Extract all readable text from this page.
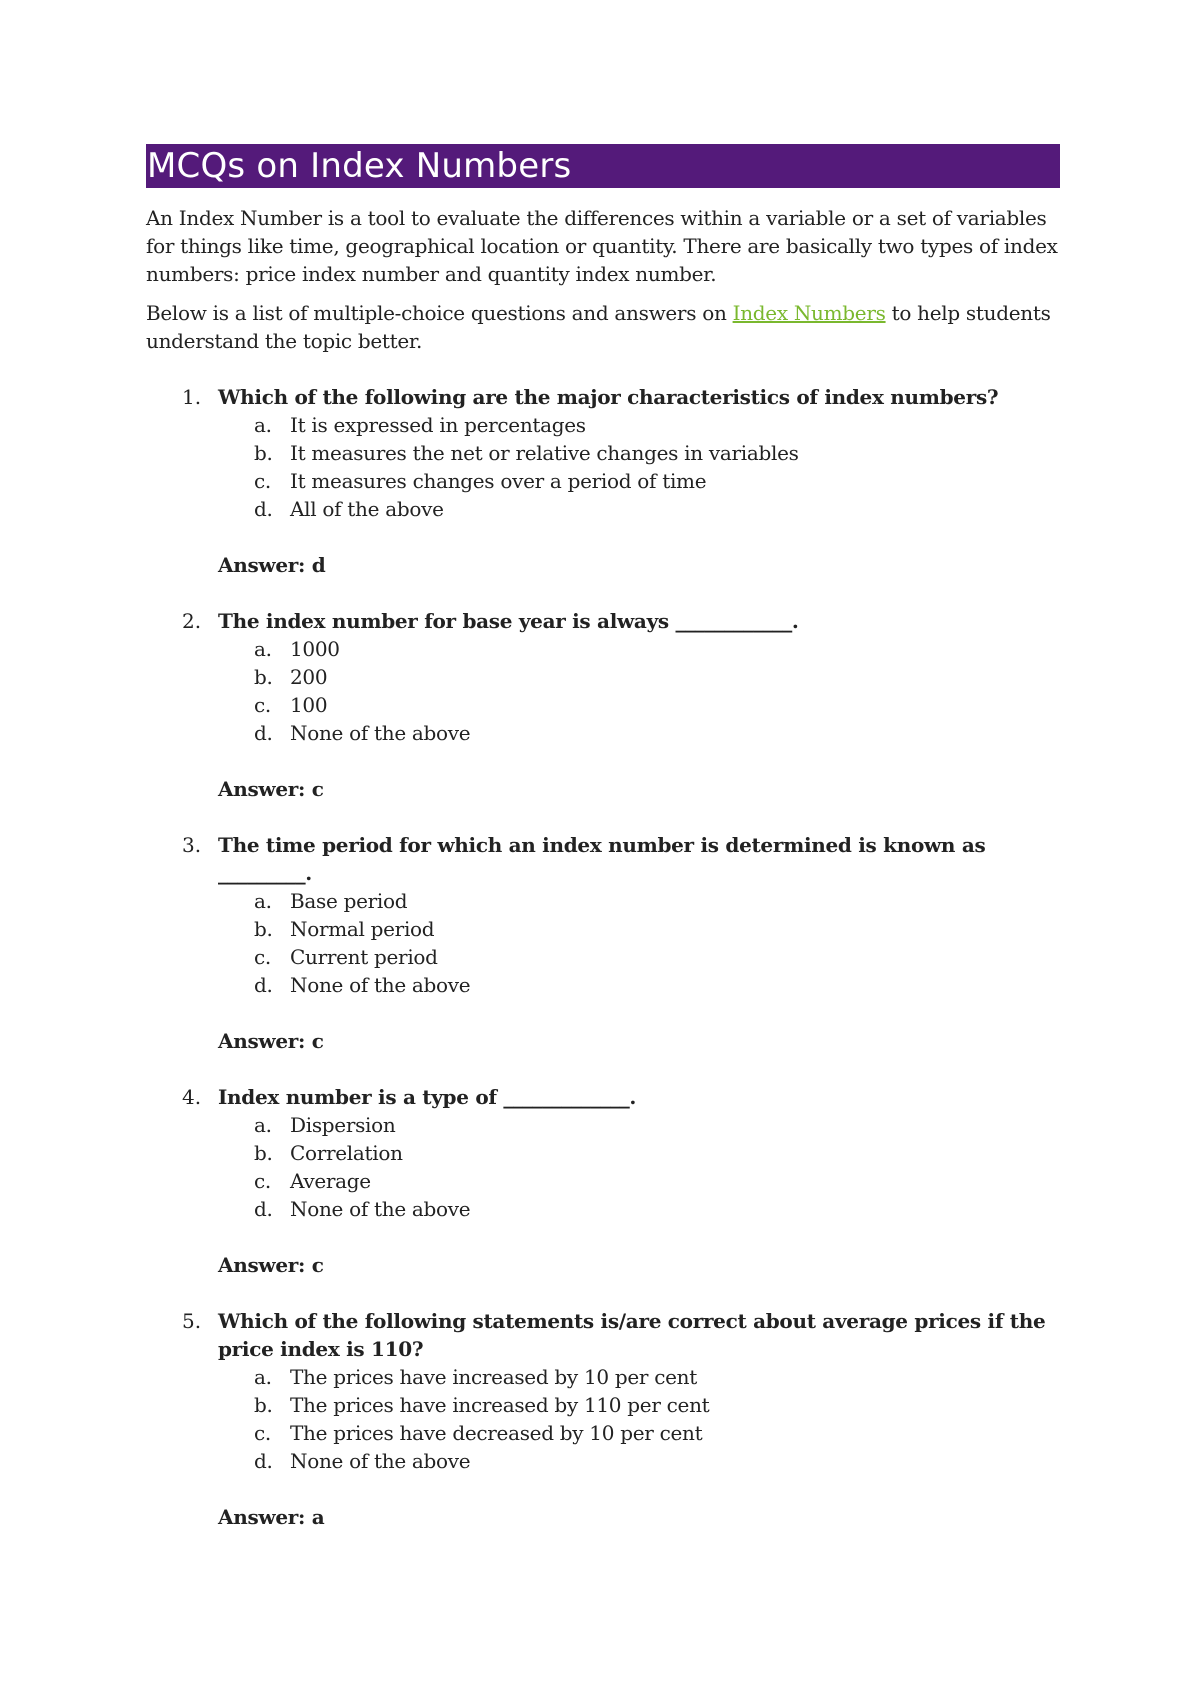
MCQs on Index Numbers

An Index Number is a tool to evaluate the differences within a variable or a set of variables for things like time, geographical location or quantity. There are basically two types of index numbers: price index number and quantity index number.

Below is a list of multiple-choice questions and answers on Index Numbers to help students understand the topic better.

1. Which of the following are the major characteristics of index numbers?
a. It is expressed in percentages
b. It measures the net or relative changes in variables
c. It measures changes over a period of time
d. All of the above
Answer: d
2. The index number for base year is always ____________.
a. 1000
b. 200
c. 100
d. None of the above
Answer: c
3. The time period for which an index number is determined is known as _________.
a. Base period
b. Normal period
c. Current period
d. None of the above
Answer: c
4. Index number is a type of _____________.
a. Dispersion
b. Correlation
c. Average
d. None of the above
Answer: c
5. Which of the following statements is/are correct about average prices if the price index is 110?
a. The prices have increased by 10 per cent
b. The prices have increased by 110 per cent
c. The prices have decreased by 10 per cent
d. None of the above
Answer: a
